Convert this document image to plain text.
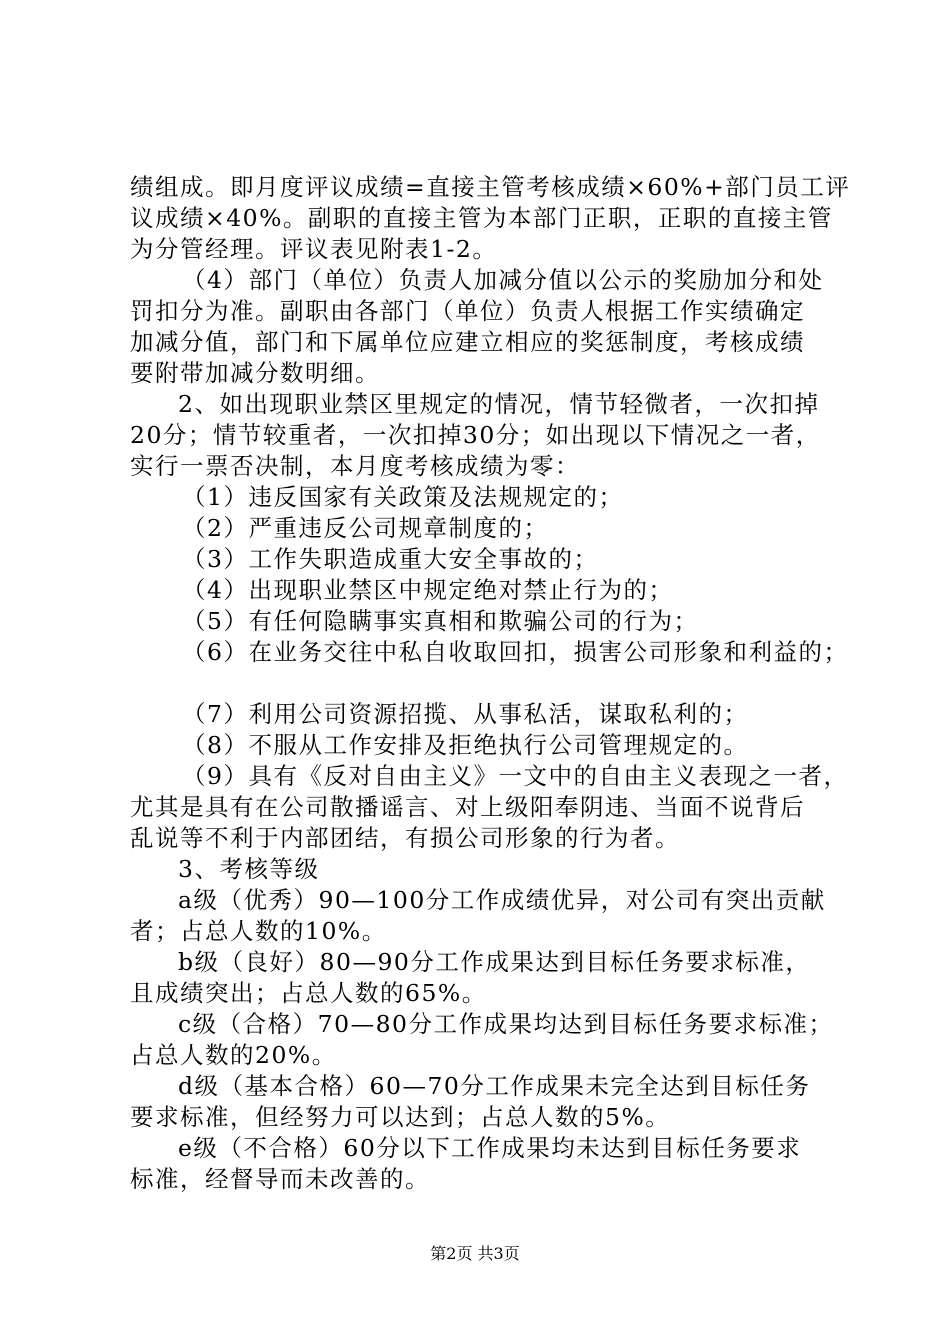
绩组成。即月度评议成绩=直接主管考核成绩×60%+部门员工评
议成绩×40%。副职的直接主管为本部门正职，正职的直接主管
为分管经理。评议表见附表1-2。
（4）部门（单位）负责人加减分值以公示的奖励加分和处
罚扣分为准。副职由各部门（单位）负责人根据工作实绩确定
加减分值，部门和下属单位应建立相应的奖惩制度，考核成绩
要附带加减分数明细。
2、如出现职业禁区里规定的情况，情节轻微者，一次扣掉
20分；情节较重者，一次扣掉30分；如出现以下情况之一者，
实行一票否决制，本月度考核成绩为零：
（1）违反国家有关政策及法规规定的；
（2）严重违反公司规章制度的；
（3）工作失职造成重大安全事故的；
（4）出现职业禁区中规定绝对禁止行为的；
（5）有任何隐瞒事实真相和欺骗公司的行为；
（6）在业务交往中私自收取回扣，损害公司形象和利益的；
（7）利用公司资源招揽、从事私活，谋取私利的；
（8）不服从工作安排及拒绝执行公司管理规定的。
（9）具有《反对自由主义》一文中的自由主义表现之一者，
尤其是具有在公司散播谣言、对上级阳奉阴违、当面不说背后
乱说等不利于内部团结，有损公司形象的行为者。
3、考核等级
a级（优秀）90—100分工作成绩优异，对公司有突出贡献
者；占总人数的10%。
b级（良好）80—90分工作成果达到目标任务要求标准，
且成绩突出；占总人数的65%。
c级（合格）70—80分工作成果均达到目标任务要求标准；
占总人数的20%。
d级（基本合格）60—70分工作成果未完全达到目标任务
要求标准，但经努力可以达到；占总人数的5%。
e级（不合格）60分以下工作成果均未达到目标任务要求
标准，经督导而未改善的。
第2页 共3页
